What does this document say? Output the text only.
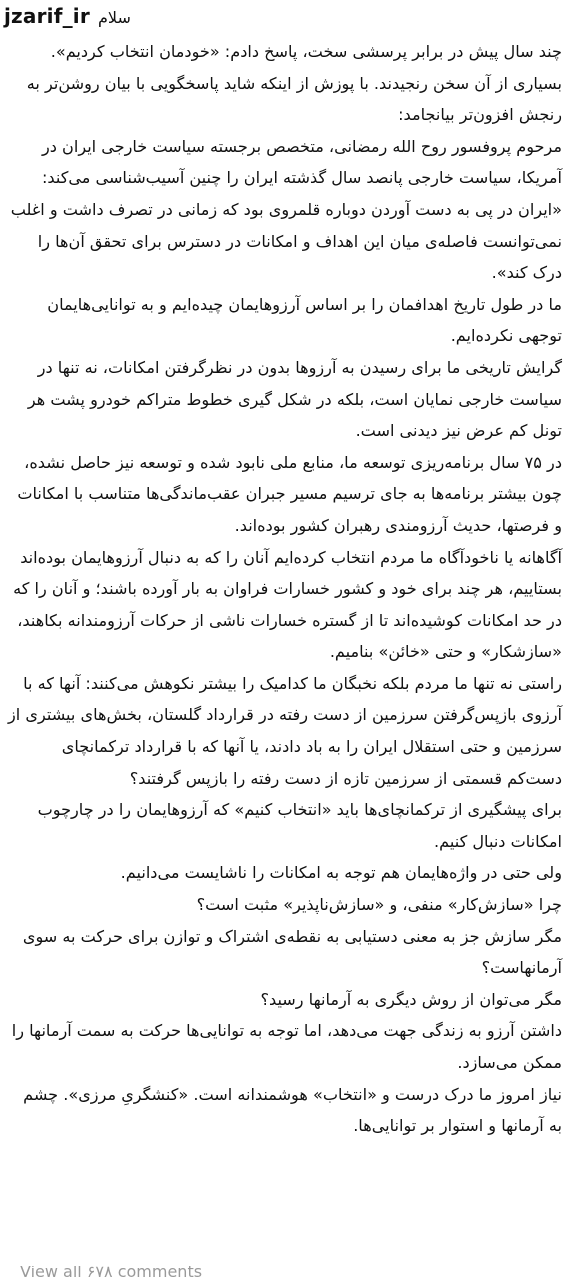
jzarif_ir سلام

چند سال پیش در برابر پرسشی سخت، پاسخ دادم: «خودمان انتخاب کردیم». بسیاری از آن سخن رنجیدند. با پوزش از اینکه شاید پاسخگویی با بیان روشن‌تر به رنجش افزون‌تر بیانجامد:

مرحوم پروفسور روح الله رمضانی، متخصص برجسته سیاست خارجی ایران در آمریکا، سیاست خارجی پانصد سال گذشته ایران را چنین آسیب‌شناسی می‌کند: «ایران در پی به دست آوردن دوباره قلمروی بود که زمانی در تصرف داشت و اغلب نمی‌توانست فاصله‌ی میان این اهداف و امکانات در دسترس برای تحقق آن‌ها را درک کند».

ما در طول تاریخ اهدافمان را بر اساس آرزوهایمان چیده‌ایم و به توانایی‌هایمان توجهی نکرده‌ایم.

گرایش تاریخی ما برای رسیدن به آرزوها بدون در نظرگرفتن امکانات، نه تنها در سیاست خارجی نمایان است، بلکه در شکل گیری خطوط متراکم خودرو پشت هر تونل کم عرض نیز دیدنی است.

در ۷۵ سال برنامه‌ریزی توسعه ما، منابع ملی نابود شده و توسعه نیز حاصل نشده، چون بیشتر برنامه‌ها به جای ترسیم مسیر جبران عقب‌ماندگی‌ها متناسب با امکانات و فرصتها، حدیث آرزومندی رهبران کشور بوده‌اند.

آگاهانه یا ناخودآگاه ما مردم انتخاب کرده‌ایم آنان را که به دنبال آرزوهایمان بوده‌اند بستاییم، هر چند برای خود و کشور خسارات فراوان به بار آورده باشند؛ و آنان را که در حد امکانات کوشیده‌اند تا از گستره خسارات ناشی از حرکات آرزومندانه بکاهند، «سازشکار» و حتی «خائن» بنامیم.

راستی نه تنها ما مردم بلکه نخبگان ما کدامیک را بیشتر نکوهش می‌کنند: آنها که با آرزوی بازپس‌گرفتن سرزمین از دست رفته در قرارداد گلستان، بخش‌های بیشتری از سرزمین و حتی استقلال ایران را به باد دادند، یا آنها که با قرارداد ترکمانچای دست‌کم قسمتی از سرزمین تازه از دست رفته را بازپس گرفتند؟

برای پیشگیری از ترکمانچای‌ها باید «انتخاب کنیم» که آرزوهایمان را در چارچوب امکانات دنبال کنیم.

ولی حتی در واژه‌هایمان هم توجه به امکانات را ناشایست می‌دانیم.

چرا «سازش‌کار» منفی، و «سازش‌ناپذیر» مثبت است؟

مگر سازش جز به معنی دستیابی به نقطه‌ی اشتراک و توازن برای حرکت به سوی آرمانهاست؟

مگر می‌توان از روش دیگری به آرمانها رسید؟

داشتن آرزو به زندگی جهت می‌دهد، اما توجه به توانایی‌ها حرکت به سمت آرمانها را ممکن می‌سازد.

نیاز امروز ما درک درست و «انتخاب» هوشمندانه است. «کنشگریِ مرزی». چشم به آرمانها و استوار بر توانایی‌ها.

View all ۶۷۸ comments
